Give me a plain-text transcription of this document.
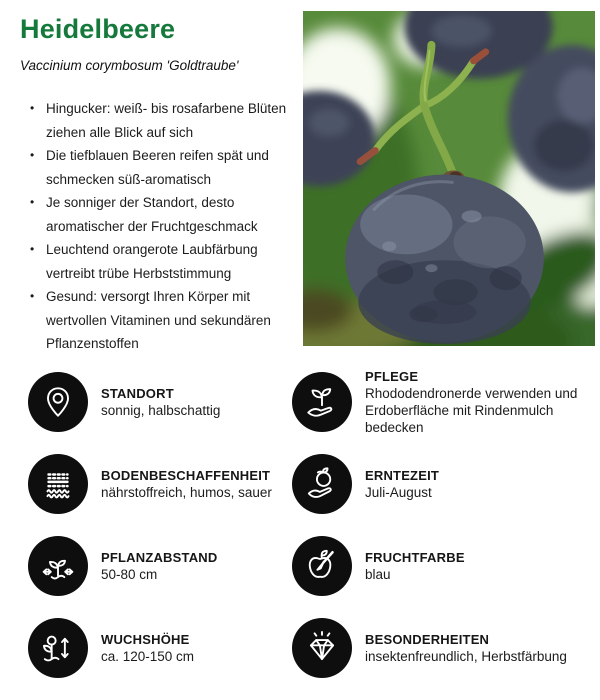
Heidelbeere

Vaccinium corymbosum 'Goldtraube'

• Hingucker: weiß- bis rosafarbene Blüten ziehen alle Blick auf sich
• Die tiefblauen Beeren reifen spät und schmecken süß-aromatisch
• Je sonniger der Standort, desto aromatischer der Fruchtgeschmack
• Leuchtend orangerote Laubfärbung vertreibt trübe Herbststimmung
• Gesund: versorgt Ihren Körper mit wertvollen Vitaminen und sekundären Pflanzenstoffen
STANDORT
sonnig, halbschattig
PFLEGE
Rhododendronerde verwenden und Erdoberfläche mit Rindenmulch bedecken
BODENBESCHAFFENHEIT
nährstoffreich, humos, sauer
ERNTEZEIT
Juli-August
PFLANZABSTAND
50-80 cm
FRUCHTFARBE
blau
WUCHSHÖHE
ca. 120-150 cm
BESONDERHEITEN
insektenfreundlich, Herbstfärbung
